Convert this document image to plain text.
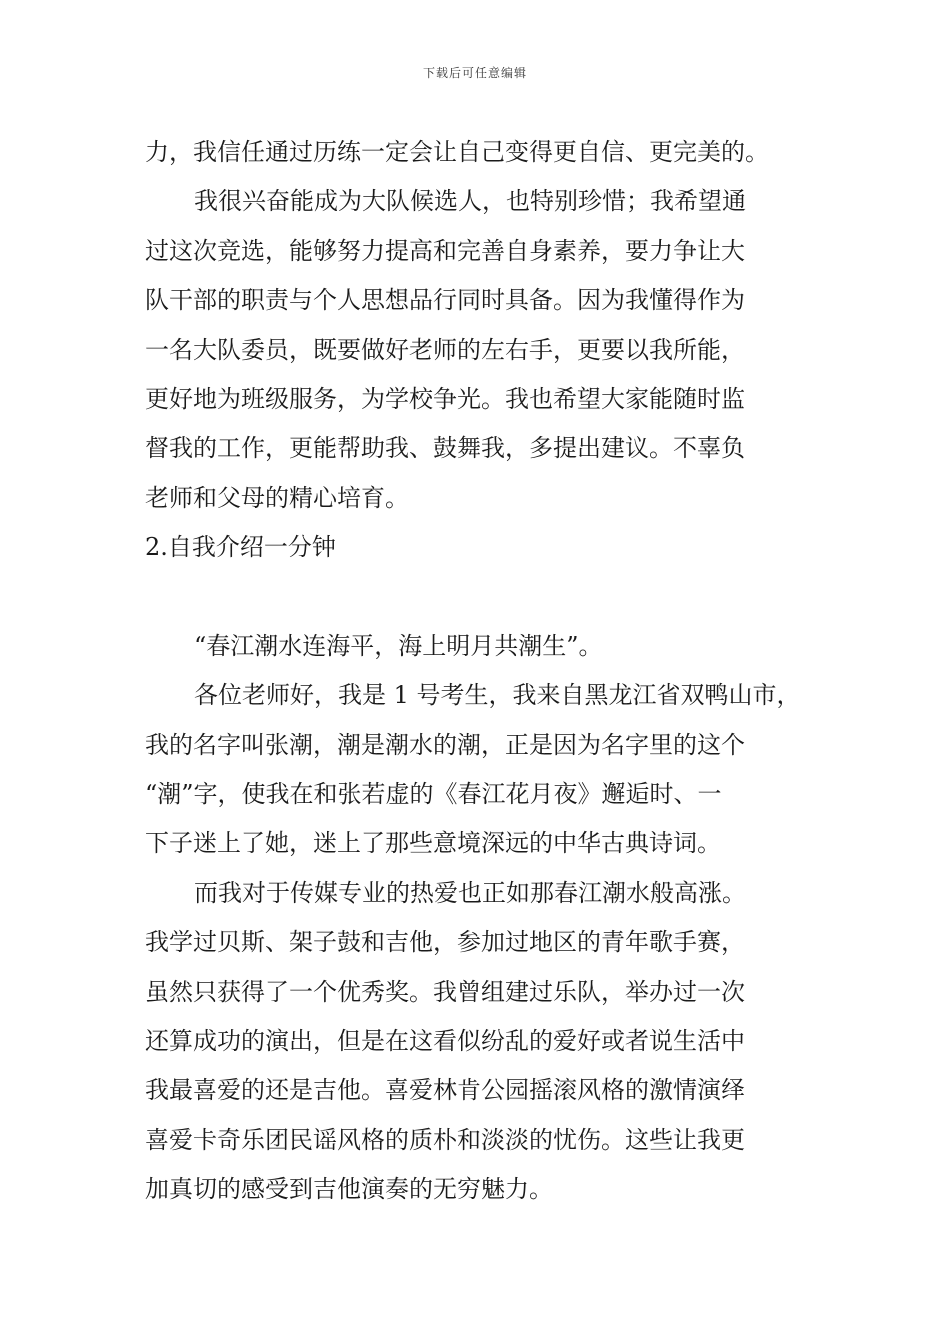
下载后可任意编辑
力，我信任通过历练一定会让自己变得更自信、更完美的。
我很兴奋能成为大队候选人，也特别珍惜；我希望通
过这次竞选，能够努力提高和完善自身素养，要力争让大
队干部的职责与个人思想品行同时具备。因为我懂得作为
一名大队委员，既要做好老师的左右手，更要以我所能，
更好地为班级服务，为学校争光。我也希望大家能随时监
督我的工作，更能帮助我、鼓舞我，多提出建议。不辜负
老师和父母的精心培育。
2.自我介绍一分钟
“春江潮水连海平，海上明月共潮生”。
各位老师好，我是 1 号考生，我来自黑龙江省双鸭山市，
我的名字叫张潮，潮是潮水的潮，正是因为名字里的这个
“潮”字，使我在和张若虚的《春江花月夜》邂逅时、一
下子迷上了她，迷上了那些意境深远的中华古典诗词。
而我对于传媒专业的热爱也正如那春江潮水般高涨。
我学过贝斯、架子鼓和吉他，参加过地区的青年歌手赛，
虽然只获得了一个优秀奖。我曾组建过乐队，举办过一次
还算成功的演出，但是在这看似纷乱的爱好或者说生活中
我最喜爱的还是吉他。喜爱林肯公园摇滚风格的激情演绎
喜爱卡奇乐团民谣风格的质朴和淡淡的忧伤。这些让我更
加真切的感受到吉他演奏的无穷魅力。
